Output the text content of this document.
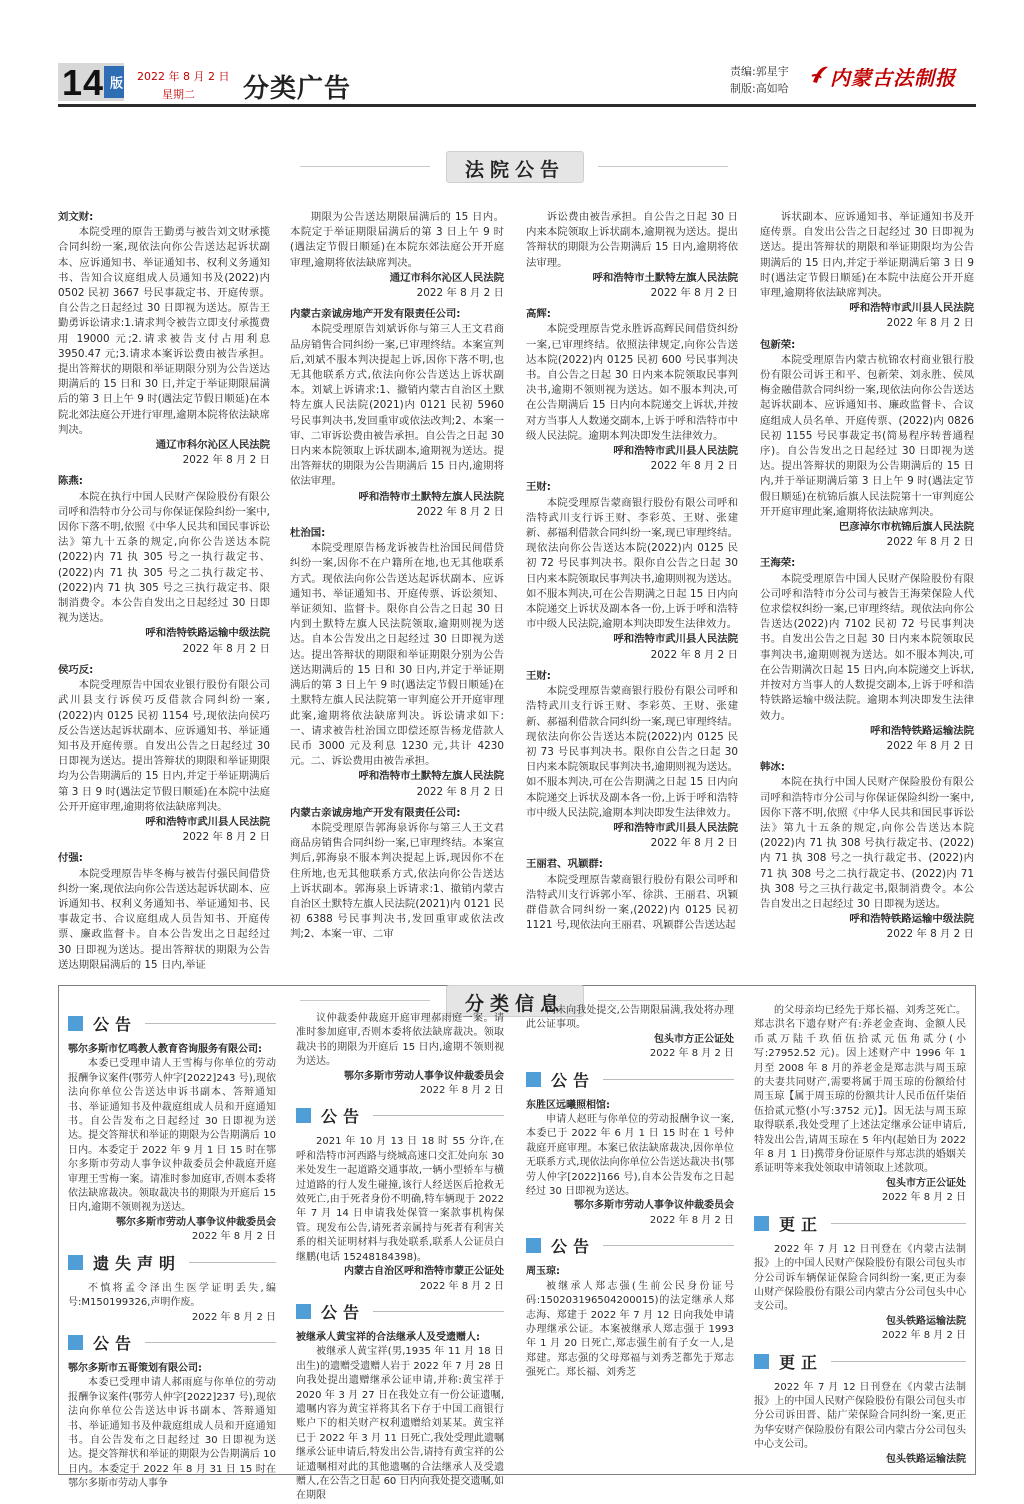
14 版 2022 年 8 月 2 日
星期二 分类广告
责编:郭星宇
制版:高如哈 内蒙古法制报
法院公告

刘文财:

本院受理的原告王勤勇与被告刘文财承揽合同纠纷一案,现依法向你公告送达起诉状副本、应诉通知书、举证通知书、权利义务通知书、告知合议庭组成人员通知书及(2022)内 0502 民初 3667 号民事裁定书、开庭传票。自公告之日起经过 30 日即视为送达。原告王勤勇诉讼请求:1.请求判令被告立即支付承揽费用 19000 元;2.请求被告支付占用利息 3950.47 元;3.请求本案诉讼费由被告承担。提出答辩状的期限和举证期限分别为公告送达期满后的 15 日和 30 日,并定于举证期限届满后的第 3 日上午 9 时(遇法定节假日顺延)在本院北郊法庭公开进行审理,逾期本院将依法缺席判决。

通辽市科尔沁区人民法院

2022 年 8 月 2 日

陈燕:

本院在执行中国人民财产保险股份有限公司呼和浩特市分公司与你保证保险纠纷一案中,因你下落不明,依照《中华人民共和国民事诉讼法》第九十五条的规定,向你公告送达本院(2022)内 71 执 305 号之一执行裁定书、(2022)内 71 执 305 号之二执行裁定书、(2022)内 71 执 305 号之三执行裁定书、限制消费令。本公告自发出之日起经过 30 日即视为送达。

呼和浩特铁路运输中级法院

2022 年 8 月 2 日

侯巧反:

本院受理原告中国农业银行股份有限公司武川县支行诉侯巧反借款合同纠纷一案,(2022)内 0125 民初 1154 号,现依法向侯巧反公告送达起诉状副本、应诉通知书、举证通知书及开庭传票。自发出公告之日起经过 30 日即视为送达。提出答辩状的期限和举证期限均为公告期满后的 15 日内,并定于举证期满后第 3 日 9 时(遇法定节假日顺延)在本院中法庭公开开庭审理,逾期将依法缺席判决。

呼和浩特市武川县人民法院

2022 年 8 月 2 日

付强:

本院受理原告毕冬梅与被告付强民间借贷纠纷一案,现依法向你公告送达起诉状副本、应诉通知书、权利义务通知书、举证通知书、民事裁定书、合议庭组成人员告知书、开庭传票、廉政监督卡。自本公告发出之日起经过 30 日即视为送达。提出答辩状的期限为公告送达期限届满后的 15 日内,举证

期限为公告送达期限届满后的 15 日内。本院定于举证期限届满后的第 3 日上午 9 时(遇法定节假日顺延)在本院东郊法庭公开开庭审理,逾期将依法缺席判决。

通辽市科尔沁区人民法院

2022 年 8 月 2 日

内蒙古亲诚房地产开发有限责任公司:

本院受理原告刘斌诉你与第三人王文君商品房销售合同纠纷一案,已审理终结。本案宣判后,刘斌不服本判决提起上诉,因你下落不明,也无其他联系方式,依法向你公告送达上诉状副本。刘斌上诉请求:1、撤销内蒙古自治区土默特左旗人民法院(2021)内 0121 民初 5960 号民事判决书,发回重审或依法改判;2、本案一审、二审诉讼费由被告承担。自公告之日起 30 日内来本院领取上诉状副本,逾期视为送达。提出答辩状的期限为公告期满后 15 日内,逾期将依法审理。

呼和浩特市土默特左旗人民法院

2022 年 8 月 2 日

杜治国:

本院受理原告杨龙诉被告杜治国民间借贷纠纷一案,因你不在户籍所在地,也无其他联系方式。现依法向你公告送达起诉状副本、应诉通知书、举证通知书、开庭传票、诉讼须知、举证须知、监督卡。限你自公告之日起 30 日内到土默特左旗人民法院领取,逾期则视为送达。自本公告发出之日起经过 30 日即视为送达。提出答辩状的期限和举证期限分别为公告送达期满后的 15 日和 30 日内,并定于举证期满后的第 3 日上午 9 时(遇法定节假日顺延)在土默特左旗人民法院第一审判庭公开开庭审理此案,逾期将依法缺席判决。诉讼请求如下:一、请求被告杜治国立即偿还原告杨龙借款人民币 3000 元及利息 1230 元,共计 4230 元。二、诉讼费用由被告承担。

呼和浩特市土默特左旗人民法院

2022 年 8 月 2 日

内蒙古亲诚房地产开发有限责任公司:

本院受理原告郭海泉诉你与第三人王文君商品房销售合同纠纷一案,已审理终结。本案宣判后,郭海泉不服本判决提起上诉,现因你不在住所地,也无其他联系方式,依法向你公告送达上诉状副本。郭海泉上诉请求:1、撤销内蒙古自治区土默特左旗人民法院(2021)内 0121 民初 6388 号民事判决书,发回重审或依法改判;2、本案一审、二审

诉讼费由被告承担。自公告之日起 30 日内来本院领取上诉状副本,逾期视为送达。提出答辩状的期限为公告期满后 15 日内,逾期将依法审理。

呼和浩特市土默特左旗人民法院

2022 年 8 月 2 日

高辉:

本院受理原告党永胜诉高辉民间借贷纠纷一案,已审理终结。依照法律规定,向你公告送达本院(2022)内 0125 民初 600 号民事判决书。自公告之日起 30 日内来本院领取民事判决书,逾期不领则视为送达。如不服本判决,可在公告期满后 15 日内向本院递交上诉状,并按对方当事人人数递交副本,上诉于呼和浩特市中级人民法院。逾期本判决即发生法律效力。

呼和浩特市武川县人民法院

2022 年 8 月 2 日

王财:

本院受理原告蒙商银行股份有限公司呼和浩特武川支行诉王财、李彩英、王财、张建新、郝福利借款合同纠纷一案,现已审理终结。现依法向你公告送达本院(2022)内 0125 民初 72 号民事判决书。限你自公告之日起 30 日内来本院领取民事判决书,逾期则视为送达。如不服本判决,可在公告期满之日起 15 日内向本院递交上诉状及副本各一份,上诉于呼和浩特市中级人民法院,逾期本判决即发生法律效力。

呼和浩特市武川县人民法院

2022 年 8 月 2 日

王财:

本院受理原告蒙商银行股份有限公司呼和浩特武川支行诉王财、李彩英、王财、张建新、郝福利借款合同纠纷一案,现已审理终结。现依法向你公告送达本院(2022)内 0125 民初 73 号民事判决书。限你自公告之日起 30 日内来本院领取民事判决书,逾期则视为送达。如不服本判决,可在公告期满之日起 15 日内向本院递交上诉状及副本各一份,上诉于呼和浩特市中级人民法院,逾期本判决即发生法律效力。

呼和浩特市武川县人民法院

2022 年 8 月 2 日

王丽君、巩颖群:

本院受理原告蒙商银行股份有限公司呼和浩特武川支行诉郭小军、徐洪、王丽君、巩颖群借款合同纠纷一案,(2022)内 0125 民初 1121 号,现依法向王丽君、巩颖群公告送达起

诉状副本、应诉通知书、举证通知书及开庭传票。自发出公告之日起经过 30 日即视为送达。提出答辩状的期限和举证期限均为公告期满后的 15 日内,并定于举证期满后第 3 日 9 时(遇法定节假日顺延)在本院中法庭公开开庭审理,逾期将依法缺席判决。

呼和浩特市武川县人民法院

2022 年 8 月 2 日

包新荣:

本院受理原告内蒙古杭锦农村商业银行股份有限公司诉王和平、包新荣、刘永胜、侯凤梅金融借款合同纠纷一案,现依法向你公告送达起诉状副本、应诉通知书、廉政监督卡、合议庭组成人员名单、开庭传票、(2022)内 0826 民初 1155 号民事裁定书(简易程序转普通程序)。自公告发出之日起经过 30 日即视为送达。提出答辩状的期限为公告期满后的 15 日内,并于举证期满后第 3 日上午 9 时(遇法定节假日顺延)在杭锦后旗人民法院第十一审判庭公开开庭审理此案,逾期将依法缺席判决。

巴彦淖尔市杭锦后旗人民法院

2022 年 8 月 2 日

王海荣:

本院受理原告中国人民财产保险股份有限公司呼和浩特市分公司与被告王海荣保险人代位求偿权纠纷一案,已审理终结。现依法向你公告送达(2022)内 7102 民初 72 号民事判决书。自发出公告之日起 30 日内来本院领取民事判决书,逾期则视为送达。如不服本判决,可在公告期满次日起 15 日内,向本院递交上诉状,并按对方当事人的人数提交副本,上诉于呼和浩特铁路运输中级法院。逾期本判决即发生法律效力。

呼和浩特铁路运输法院

2022 年 8 月 2 日

韩冰:

本院在执行中国人民财产保险股份有限公司呼和浩特市分公司与你保证保险纠纷一案中,因你下落不明,依照《中华人民共和国民事诉讼法》第九十五条的规定,向你公告送达本院(2022)内 71 执 308 号执行裁定书、(2022)内 71 执 308 号之一执行裁定书、(2022)内 71 执 308 号之二执行裁定书、(2022)内 71 执 308 号之三执行裁定书,限制消费令。本公告自发出之日起经过 30 日即视为送达。

呼和浩特铁路运输中级法院

2022 年 8 月 2 日

分类信息
公告

鄂尔多斯市忆鸣教人教育咨询服务有限公司:

本委已受理申请人王雪梅与你单位的劳动报酬争议案件(鄂劳人仲字[2022]243 号),现依法向你单位公告送达申诉书副本、答辩通知书、举证通知书及仲裁庭组成人员和开庭通知书。自公告发布之日起经过 30 日即视为送达。提交答辩状和举证的期限为公告期满后 10 日内。本委定于 2022 年 9 月 1 日 15 时在鄂尔多斯市劳动人事争议仲裁委员会仲裁庭开庭审理王雪梅一案。请准时参加庭审,否则本委将依法缺席裁决。领取裁决书的期限为开庭后 15 日内,逾期不领则视为送达。

鄂尔多斯市劳动人事争议仲裁委员会

2022 年 8 月 2 日

遗失声明

不慎将孟令泽出生医学证明丢失,编号:M150199326,声明作废。

2022 年 8 月 2 日

公告

鄂尔多斯市五哥策划有限公司:

本委已受理申请人郝雨庭与你单位的劳动报酬争议案件(鄂劳人仲字[2022]237 号),现依法向你单位公告送达申诉书副本、答辩通知书、举证通知书及仲裁庭组成人员和开庭通知书。自公告发布之日起经过 30 日即视为送达。提交答辩状和举证的期限为公告期满后 10 日内。本委定于 2022 年 8 月 31 日 15 时在鄂尔多斯市劳动人事争

议仲裁委仲裁庭开庭审理郝雨庭一案。请准时参加庭审,否则本委将依法缺席裁决。领取裁决书的期限为开庭后 15 日内,逾期不领则视为送达。

鄂尔多斯市劳动人事争议仲裁委员会

2022 年 8 月 2 日

公告

2021 年 10 月 13 日 18 时 55 分许,在呼和浩特市河西路与绕城高速口交汇处向东 30 米处发生一起道路交通事故,一辆小型轿车与横过道路的行人发生碰撞,该行人经送医后抢救无效死亡,由于死者身份不明确,特车辆现于 2022 年 7 月 14 日申请我处保管一案款事机构保管。现发布公告,请死者亲属持与死者有利害关系的相关证明材料与我处联系,联系人公证员白继鹏(电话 15248184398)。

内蒙古自治区呼和浩特市蒙正公证处

2022 年 8 月 2 日

公告

被继承人黄宝祥的合法继承人及受遗赠人:

被继承人黄宝祥(男,1935 年 11 月 18 日出生)的遗赠受遗赠人岩于 2022 年 7 月 28 日向我处提出遗赠继承公证申请,并称:黄宝祥于 2020 年 3 月 27 日在我处立有一份公证遗嘱,遗嘱内容为黄宝祥将其名下存于中国工商银行账户下的相关财产权利遗赠给刘某某。黄宝祥已于 2022 年 3 月 11 日死亡,我处受理此遗嘱继承公证申请后,特发出公告,请持有黄宝祥的公证遗嘱相对此的其他遗嘱的合法继承人及受遗赠人,在公告之日起 60 日内向我处提交遗嘱,如在期限

内未向我处提交,公告期限届满,我处将办理此公证事项。

包头市方正公证处

2022 年 8 月 2 日

公告

东胜区远曦照相馆:

申请人赵旺与你单位的劳动报酬争议一案,本委已于 2022 年 6 月 1 日 15 时在 1 号仲裁庭开庭审理。本案已依法缺席裁决,因你单位无联系方式,现依法向你单位公告送达裁决书(鄂劳人仲字[2022]166 号),自本公告发布之日起经过 30 日即视为送达。

鄂尔多斯市劳动人事争议仲裁委员会

2022 年 8 月 2 日

公告

周玉琼:

被继承人郑志强(生前公民身份证号码:150203196504200015)的法定继承人郑志海、郑建于 2022 年 7 月 12 日向我处申请办理继承公证。本案被继承人郑志强于 1993 年 1 月 20 日死亡,郑志强生前有子女一人,是郑建。郑志强的父母郑福与刘秀芝都先于郑志强死亡。郑长福、刘秀芝

的父母亲均已经先于郑长福、刘秀芝死亡。郑志洪名下遗存财产有:养老金查询、金额人民币贰万陆千玖佰伍拾贰元伍角贰分(小写:27952.52 元)。因上述财产中 1996 年 1 月至 2008 年 8 月的养老金是郑志洪与周玉琼的夫妻共同财产,需要将属于周玉琼的份额给付周玉琼【属于周玉琼的份额共计人民币伍仟柒佰伍拾贰元整(小写:3752 元)】。因无法与周玉琼取得联系,我处受理了上述法定继承公证申请后,特发出公告,请周玉琼在 5 年内(起始日为 2022 年 8 月 1 日)携带身份证原件与郑志洪的婚姻关系证明等来我处领取申请领取上述款项。

包头市方正公证处

2022 年 8 月 2 日

更正

2022 年 7 月 12 日刊登在《内蒙古法制报》上的中国人民财产保险股份有限公司包头市分公司诉车辆保证保险合同纠纷一案,更正为泰山财产保险股份有限公司内蒙古分公司包头中心支公司。

包头铁路运输法院

2022 年 8 月 2 日

更正

2022 年 7 月 12 日刊登在《内蒙古法制报》上的中国人民财产保险股份有限公司包头市分公司诉田晋、陆广荣保险合同纠纷一案,更正为华安财产保险股份有限公司内蒙古分公司包头中心支公司。

包头铁路运输法院
